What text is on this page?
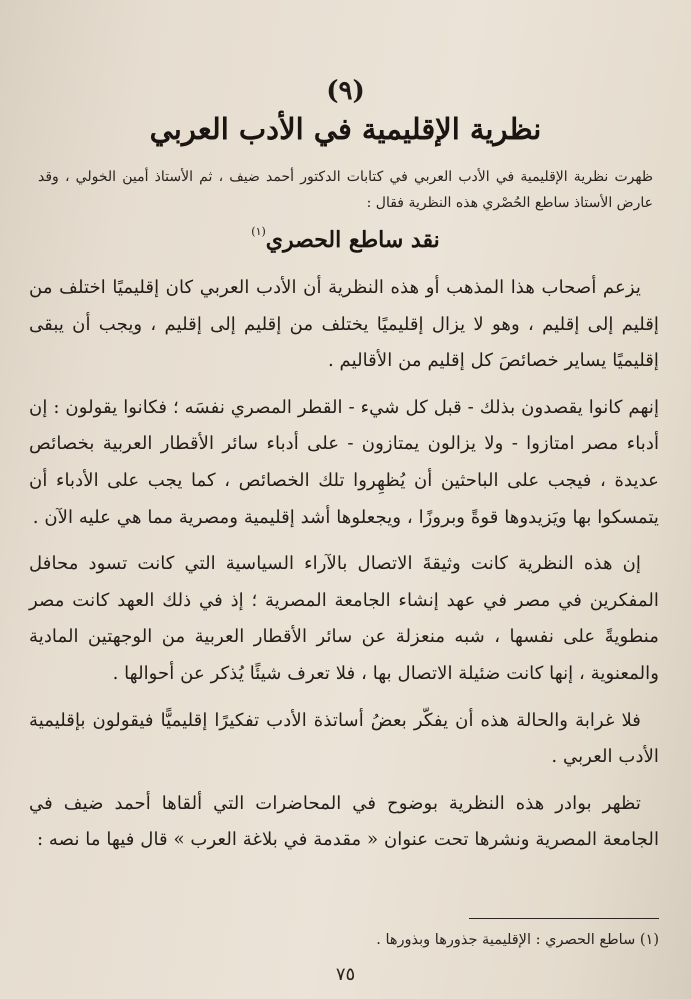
(٩)
نظرية الإقليمية في الأدب العربي
ظهرت نظرية الإقليمية في الأدب العربي في كتابات الدكتور أحمد ضيف ، ثم الأستاذ أمين الخولي ، وقد عارض الأستاذ ساطع الحُصْري هذه النظرية فقال :
نقد ساطع الحصري$^{(١)}$

يزعم أصحاب هذا المذهب أو هذه النظرية أن الأدب العربي كان إقليميًا اختلف من إقليم إلى إقليم ، وهو لا يزال إقليميًا يختلف من إقليم إلى إقليم ، ويجب أن يبقى إقليميًا يساير خصائصَ كل إقليم من الأقاليم .

إنهم كانوا يقصدون بذلك - قبل كل شيء - القطر المصري نفسَه ؛ فكانوا يقولون : إن أدباء مصر امتازوا - ولا يزالون يمتازون - على أدباء سائر الأقطار العربية بخصائص عديدة ، فيجب على الباحثين أن يُظهِروا تلك الخصائص ، كما يجب على الأدباء أن يتمسكوا بها ويَزيدوها قوةً وبروزًا ، ويجعلوها أشد إقليمية ومصرية مما هي عليه الآن .

إن هذه النظرية كانت وثيقةَ الاتصال بالآراء السياسية التي كانت تسود محافل المفكرين في مصر في عهد إنشاء الجامعة المصرية ؛ إذ في ذلك العهد كانت مصر منطويةً على نفسها ، شبه منعزلة عن سائر الأقطار العربية من الوجهتين المادية والمعنوية ، إنها كانت ضئيلة الاتصال بها ، فلا تعرف شيئًا يُذكر عن أحوالها .

فلا غرابة والحالة هذه أن يفكّر بعضُ أساتذة الأدب تفكيرًا إقليميًّا فيقولون بإقليمية الأدب العربي .

تظهر بوادر هذه النظرية بوضوح في المحاضرات التي ألقاها أحمد ضيف في الجامعة المصرية ونشرها تحت عنوان « مقدمة في بلاغة العرب » قال فيها ما نصه :

(١) ساطع الحصري : الإقليمية جذورها وبذورها .
٧٥
